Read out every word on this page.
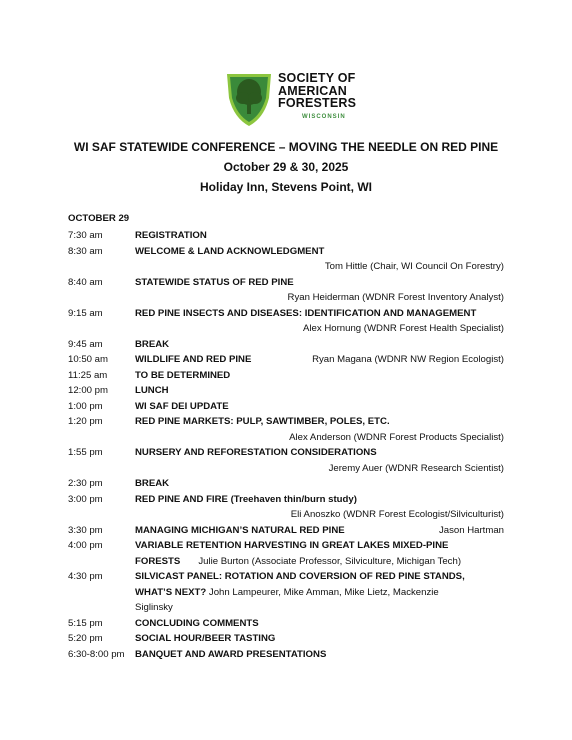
SOCIETY OF
AMERICAN
FORESTERS
WISCONSIN
WI SAF STATEWIDE CONFERENCE – MOVING THE NEEDLE ON RED PINE
October 29 & 30, 2025
Holiday Inn, Stevens Point, WI
OCTOBER 29
7:30 am	REGISTRATION
8:30 am	WELCOME & LAND ACKNOWLEDGMENT
Tom Hittle (Chair, WI Council On Forestry)
8:40 am	STATEWIDE STATUS OF RED PINE
Ryan Heiderman (WDNR Forest Inventory Analyst)
9:15 am	RED PINE INSECTS AND DISEASES: IDENTIFICATION AND MANAGEMENT
Alex Hornung (WDNR Forest Health Specialist)
9:45 am	BREAK
10:50 am	WILDLIFE AND RED PINE	Ryan Magana (WDNR NW Region Ecologist)
11:25 am	TO BE DETERMINED
12:00 pm	LUNCH
1:00 pm	WI SAF DEI UPDATE
1:20 pm	RED PINE MARKETS: PULP, SAWTIMBER, POLES, ETC.
Alex Anderson (WDNR Forest Products Specialist)
1:55 pm	NURSERY AND REFORESTATION CONSIDERATIONS
Jeremy Auer (WDNR Research Scientist)
2:30 pm	BREAK
3:00 pm	RED PINE AND FIRE (Treehaven thin/burn study)
Eli Anoszko (WDNR Forest Ecologist/Silviculturist)
3:30 pm	MANAGING MICHIGAN’S NATURAL RED PINE	Jason Hartman
4:00 pm	VARIABLE RETENTION HARVESTING IN GREAT LAKES MIXED-PINE
FORESTS Julie Burton (Associate Professor, Silviculture, Michigan Tech)
4:30 pm	SILVICAST PANEL: ROTATION AND COVERSION OF RED PINE STANDS,
WHAT’S NEXT? John Lampeurer, Mike Amman, Mike Lietz, Mackenzie
Siglinsky
5:15 pm	CONCLUDING COMMENTS
5:20 pm	SOCIAL HOUR/BEER TASTING
6:30-8:00 pm	BANQUET AND AWARD PRESENTATIONS
